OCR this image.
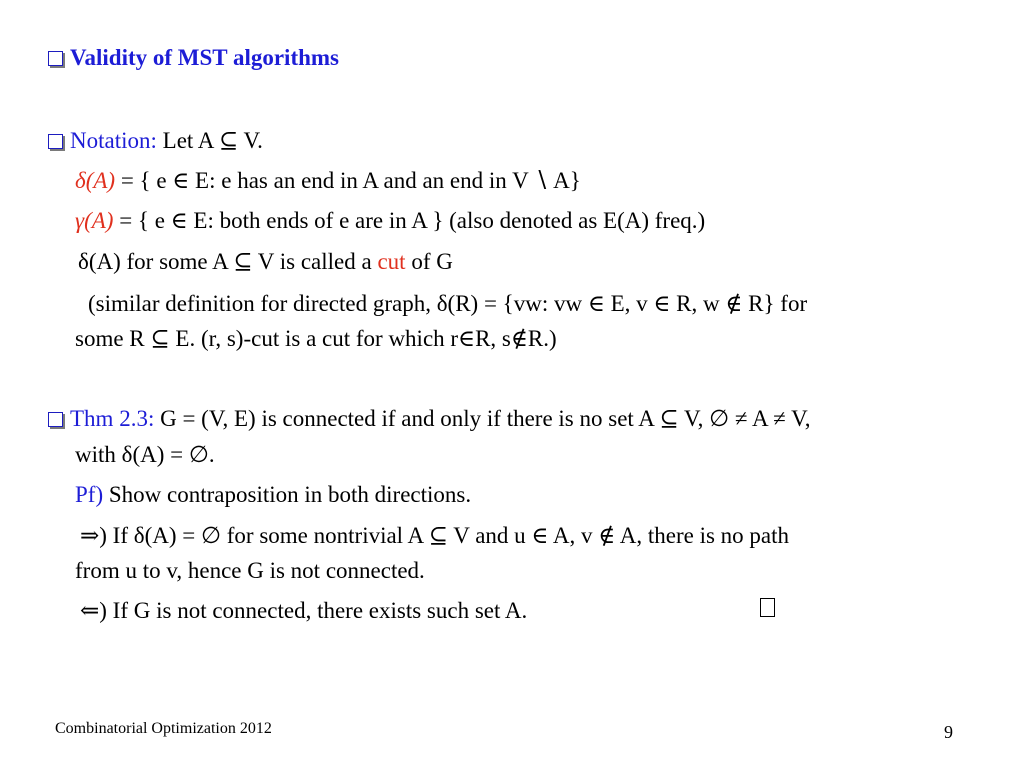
Validity of MST algorithms
Notation: Let A ⊆ V.
δ(A) = { e ∈ E: e has an end in A and an end in V ∖ A}
γ(A) = { e ∈ E: both ends of e are in A } (also denoted as E(A) freq.)
δ(A) for some A ⊆ V is called a cut of G
(similar definition for directed graph, δ(R) = {vw: vw ∈ E, v ∈ R, w ∉ R} for
some R ⊆ E. (r, s)-cut is a cut for which r∈R, s∉R.)
Thm 2.3: G = (V, E) is connected if and only if there is no set A ⊆ V, ∅ ≠ A ≠ V,
with δ(A) = ∅.
Pf) Show contraposition in both directions.
⇒) If δ(A) = ∅ for some nontrivial A ⊆ V and u ∈ A, v ∉ A, there is no path
from u to v, hence G is not connected.
⇐) If G is not connected, there exists such set A.
Combinatorial Optimization 2012	9
